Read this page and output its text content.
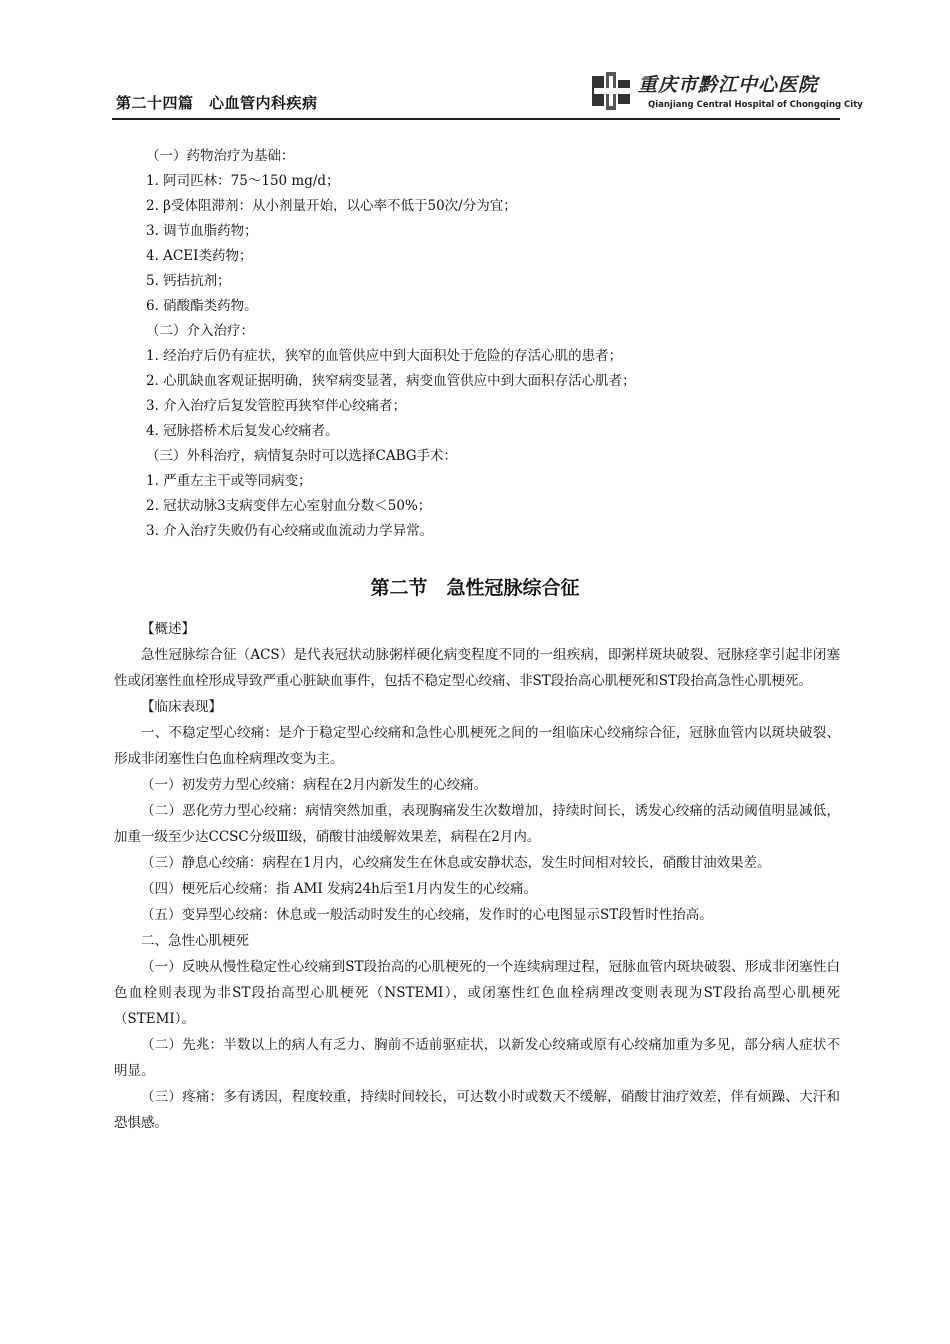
第二十四篇　心血管内科疾病
重庆市黔江中心医院
Qianjiang Central Hospital of Chongqing City
（一）药物治疗为基础：
1. 阿司匹林：75～150 mg/d；
2. β受体阻滞剂：从小剂量开始，以心率不低于50次/分为宜；
3. 调节血脂药物；
4. ACEI类药物；
5. 钙拮抗剂；
6. 硝酸酯类药物。
（二）介入治疗：
1. 经治疗后仍有症状，狭窄的血管供应中到大面积处于危险的存活心肌的患者；
2. 心肌缺血客观证据明确，狭窄病变显著，病变血管供应中到大面积存活心肌者；
3. 介入治疗后复发管腔再狭窄伴心绞痛者；
4. 冠脉搭桥术后复发心绞痛者。
（三）外科治疗，病情复杂时可以选择CABG手术：
1. 严重左主干或等同病变；
2. 冠状动脉3支病变伴左心室射血分数＜50%；
3. 介入治疗失败仍有心绞痛或血流动力学异常。
第二节　急性冠脉综合征

【概述】

急性冠脉综合征（ACS）是代表冠状动脉粥样硬化病变程度不同的一组疾病，即粥样斑块破裂、冠脉痉挛引起非闭塞性或闭塞性血栓形成导致严重心脏缺血事件，包括不稳定型心绞痛、非ST段抬高心肌梗死和ST段抬高急性心肌梗死。

【临床表现】

一、不稳定型心绞痛：是介于稳定型心绞痛和急性心肌梗死之间的一组临床心绞痛综合征，冠脉血管内以斑块破裂、形成非闭塞性白色血栓病理改变为主。

（一）初发劳力型心绞痛：病程在2月内新发生的心绞痛。

（二）恶化劳力型心绞痛：病情突然加重，表现胸痛发生次数增加，持续时间长，诱发心绞痛的活动阈值明显减低，加重一级至少达CCSC分级Ⅲ级，硝酸甘油缓解效果差，病程在2月内。

（三）静息心绞痛：病程在1月内，心绞痛发生在休息或安静状态，发生时间相对较长，硝酸甘油效果差。

（四）梗死后心绞痛：指 AMI 发病24h后至1月内发生的心绞痛。

（五）变异型心绞痛：休息或一般活动时发生的心绞痛，发作时的心电图显示ST段暂时性抬高。

二、急性心肌梗死

（一）反映从慢性稳定性心绞痛到ST段抬高的心肌梗死的一个连续病理过程，冠脉血管内斑块破裂、形成非闭塞性白色血栓则表现为非ST段抬高型心肌梗死（NSTEMI），或闭塞性红色血栓病理改变则表现为ST段抬高型心肌梗死（STEMI）。

（二）先兆：半数以上的病人有乏力、胸前不适前驱症状，以新发心绞痛或原有心绞痛加重为多见，部分病人症状不明显。

（三）疼痛：多有诱因，程度较重，持续时间较长，可达数小时或数天不缓解，硝酸甘油疗效差，伴有烦躁、大汗和恐惧感。
